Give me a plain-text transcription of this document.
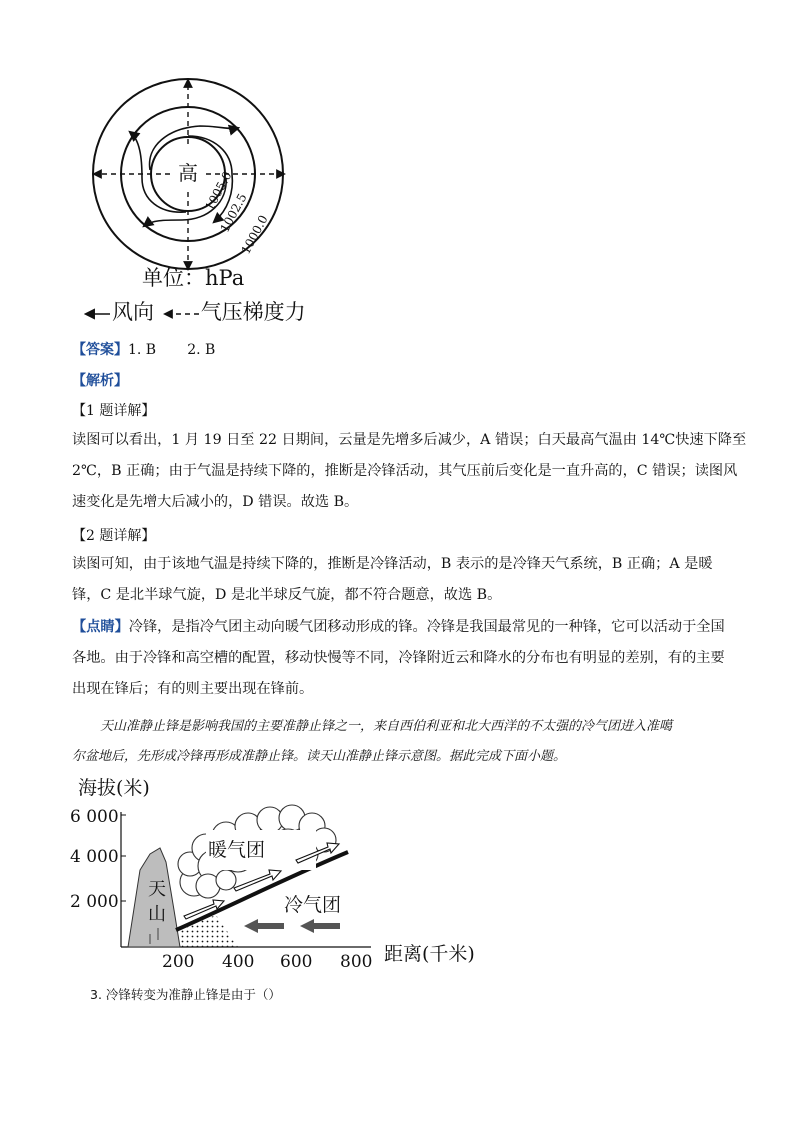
高 1005.0
1002.5
1000.0
单位：hPa
风向 气压梯度力
【答案】1. B       2. B
【解析】
【1 题详解】
读图可以看出，1 月 19 日至 22 日期间，云量是先增多后减少，A 错误；白天最高气温由 14℃快速下降至
2℃，B 正确；由于气温是持续下降的，推断是冷锋活动，其气压前后变化是一直升高的，C 错误；读图风
速变化是先增大后减小的，D 错误。故选 B。
【2 题详解】
读图可知，由于该地气温是持续下降的，推断是冷锋活动，B 表示的是冷锋天气系统，B 正确；A 是暖
锋，C 是北半球气旋，D 是北半球反气旋，都不符合题意，故选 B。
【点睛】冷锋，是指冷气团主动向暖气团移动形成的锋。冷锋是我国最常见的一种锋，它可以活动于全国
各地。由于冷锋和高空槽的配置，移动快慢等不同，冷锋附近云和降水的分布也有明显的差别，有的主要
出现在锋后；有的则主要出现在锋前。
天山准静止锋是影响我国的主要准静止锋之一，来自西伯利亚和北大西洋的不太强的冷气团进入准噶
尔盆地后，先形成冷锋再形成准静止锋。读天山准静止锋示意图。据此完成下面小题。
海拔(米)
6 000
4 000
2 000
天
山
暖气团
冷气团
200 400 600 800 距离(千米)
3. 冷锋转变为准静止锋是由于（）
